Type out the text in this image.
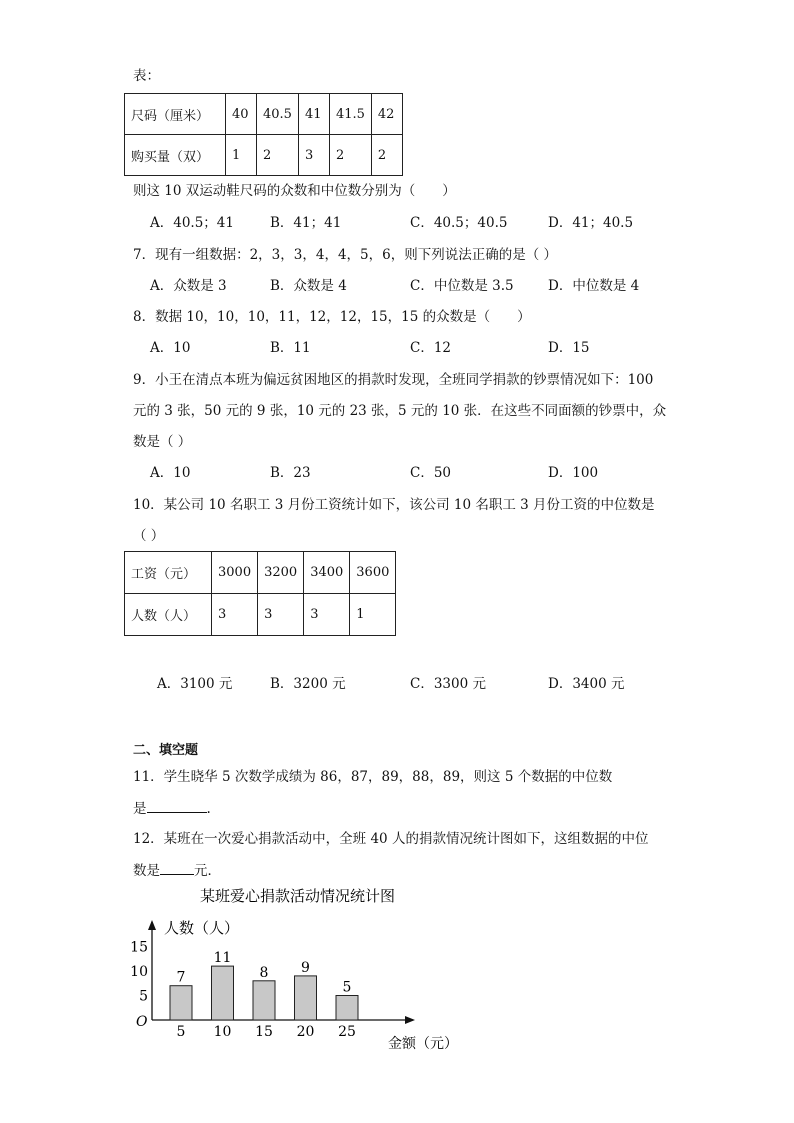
表：
尺码（厘米）	40	40.5	41	41.5	42
购买量（双）	1	2	3	2	2
则这 10 双运动鞋尺码的众数和中位数分别为（　　）
A．40.5；41	B．41；41	C．40.5；40.5	D．41；40.5
7．现有一组数据：2，3，3，4，4，5，6，则下列说法正确的是（ ）
A．众数是 3	B．众数是 4	C．中位数是 3.5	D．中位数是 4
8．数据 10，10，10，11，12，12，15，15 的众数是（　　）
A．10	B．11	C．12	D．15
9．小王在清点本班为偏远贫困地区的捐款时发现，全班同学捐款的钞票情况如下：100
元的 3 张，50 元的 9 张，10 元的 23 张，5 元的 10 张．在这些不同面额的钞票中，众
数是（ ）
A．10	B．23	C．50	D．100
10．某公司 10 名职工 3 月份工资统计如下，该公司 10 名职工 3 月份工资的中位数是
（ ）
工资（元）	3000	3200	3400	3600
人数（人）	3	3	3	1
A．3100 元	B．3200 元	C．3300 元	D．3400 元
二、填空题
11．学生晓华 5 次数学成绩为 86，87，89，88，89，则这 5 个数据的中位数
是	.
12．某班在一次爱心捐款活动中，全班 40 人的捐款情况统计图如下，这组数据的中位
数是	元．
某班爱心捐款活动情况统计图
人数（人）
金额（元）
O
5
10
15
7
5
11
10
8
15
9
20
5
25
